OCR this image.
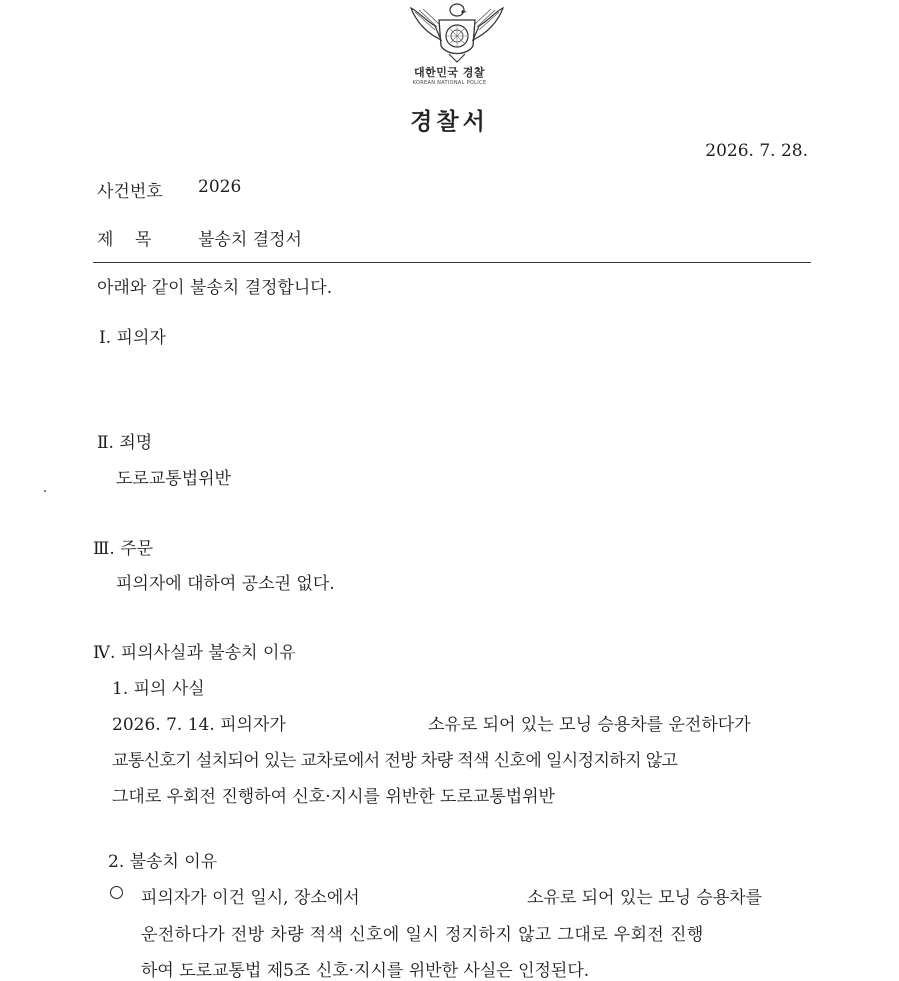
대한민국 경찰
KOREAN NATIONAL POLICE
경찰서
2026. 7. 28.
사건번호 2026
제    목	불송치 결정서
아래와 같이 불송치 결정합니다.
Ⅰ. 피의자
Ⅱ. 죄명
도로교통법위반
Ⅲ. 주문
피의자에 대하여 공소권 없다.
Ⅳ. 피의사실과 불송치 이유
1. 피의 사실
2026. 7. 14. 피의자가	소유로 되어 있는 모닝 승용차를 운전하다가
교통신호기 설치되어 있는 교차로에서 전방 차량 적색 신호에 일시정지하지 않고
그대로 우회전 진행하여 신호·지시를 위반한 도로교통법위반
2. 불송치 이유
피의자가 이건 일시, 장소에서	소유로 되어 있는 모닝 승용차를
운전하다가 전방 차량 적색 신호에 일시 정지하지 않고 그대로 우회전 진행
하여 도로교통법 제5조 신호·지시를 위반한 사실은 인정된다.
